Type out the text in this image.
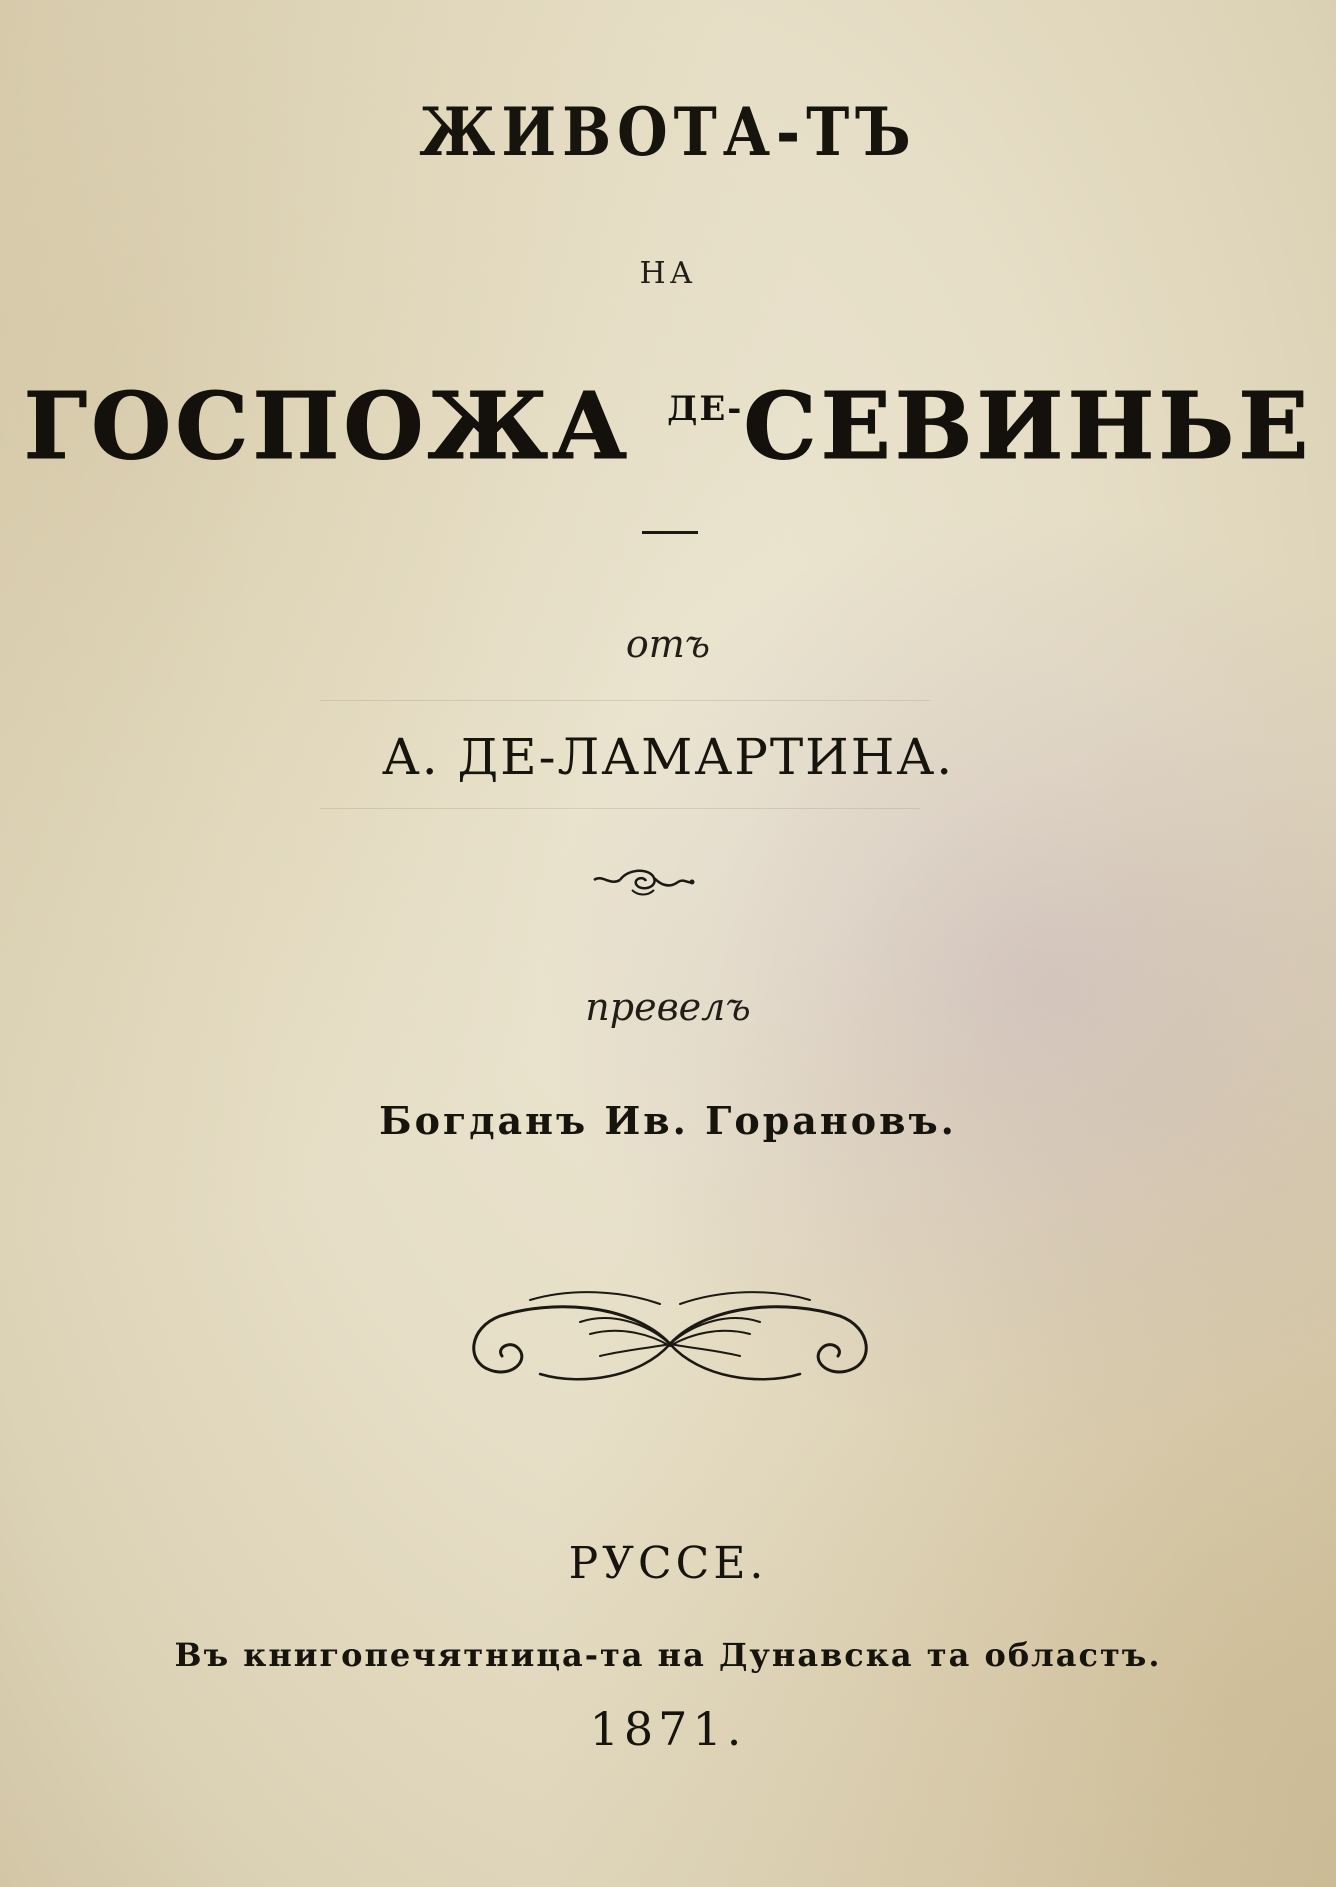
ЖИВОТА-ТЪ
НА
ГОСПОЖА $^{ДЕ-}$СЕВИНЬЕ
отъ
А. ДЕ-ЛАМАРТИНА.
превелъ
Богданъ Ив. Горановъ.
РУССЕ.
Въ книгопечятница-та на Дунавска та областъ.
1871.
